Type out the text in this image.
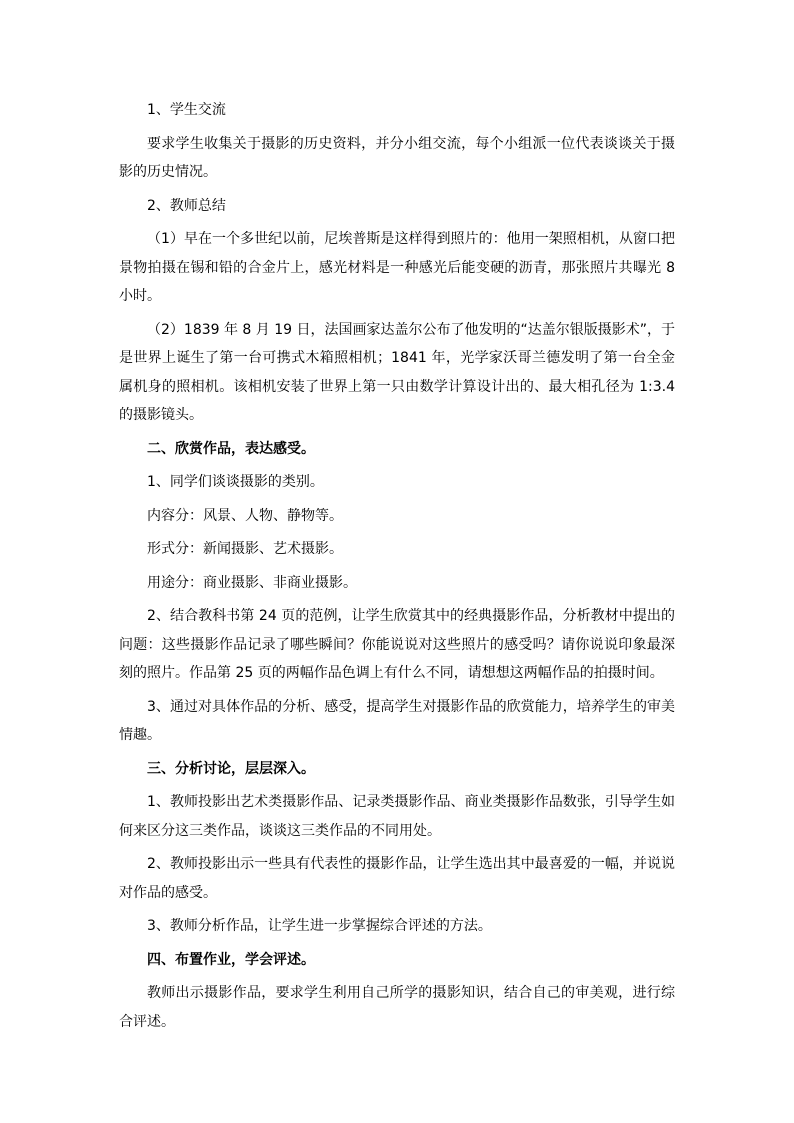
1、学生交流

要求学生收集关于摄影的历史资料，并分小组交流，每个小组派一位代表谈谈关于摄影的历史情况。

2、教师总结

（1）早在一个多世纪以前，尼埃普斯是这样得到照片的：他用一架照相机，从窗口把景物拍摄在锡和铅的合金片上，感光材料是一种感光后能变硬的沥青，那张照片共曝光 8 小时。

（2）1839 年 8 月 19 日，法国画家达盖尔公布了他发明的“达盖尔银版摄影术”，于是世界上诞生了第一台可携式木箱照相机；1841 年，光学家沃哥兰德发明了第一台全金属机身的照相机。该相机安装了世界上第一只由数学计算设计出的、最大相孔径为 1:3.4 的摄影镜头。

二、欣赏作品，表达感受。

1、同学们谈谈摄影的类别。

内容分：风景、人物、静物等。

形式分：新闻摄影、艺术摄影。

用途分：商业摄影、非商业摄影。

2、结合教科书第 24 页的范例，让学生欣赏其中的经典摄影作品，分析教材中提出的问题：这些摄影作品记录了哪些瞬间？你能说说对这些照片的感受吗？请你说说印象最深刻的照片。作品第 25 页的两幅作品色调上有什么不同，请想想这两幅作品的拍摄时间。

3、通过对具体作品的分析、感受，提高学生对摄影作品的欣赏能力，培养学生的审美情趣。

三、分析讨论，层层深入。

1、教师投影出艺术类摄影作品、记录类摄影作品、商业类摄影作品数张，引导学生如何来区分这三类作品，谈谈这三类作品的不同用处。

2、教师投影出示一些具有代表性的摄影作品，让学生选出其中最喜爱的一幅，并说说对作品的感受。

3、教师分析作品，让学生进一步掌握综合评述的方法。

四、布置作业，学会评述。

教师出示摄影作品，要求学生利用自己所学的摄影知识，结合自己的审美观，进行综合评述。
